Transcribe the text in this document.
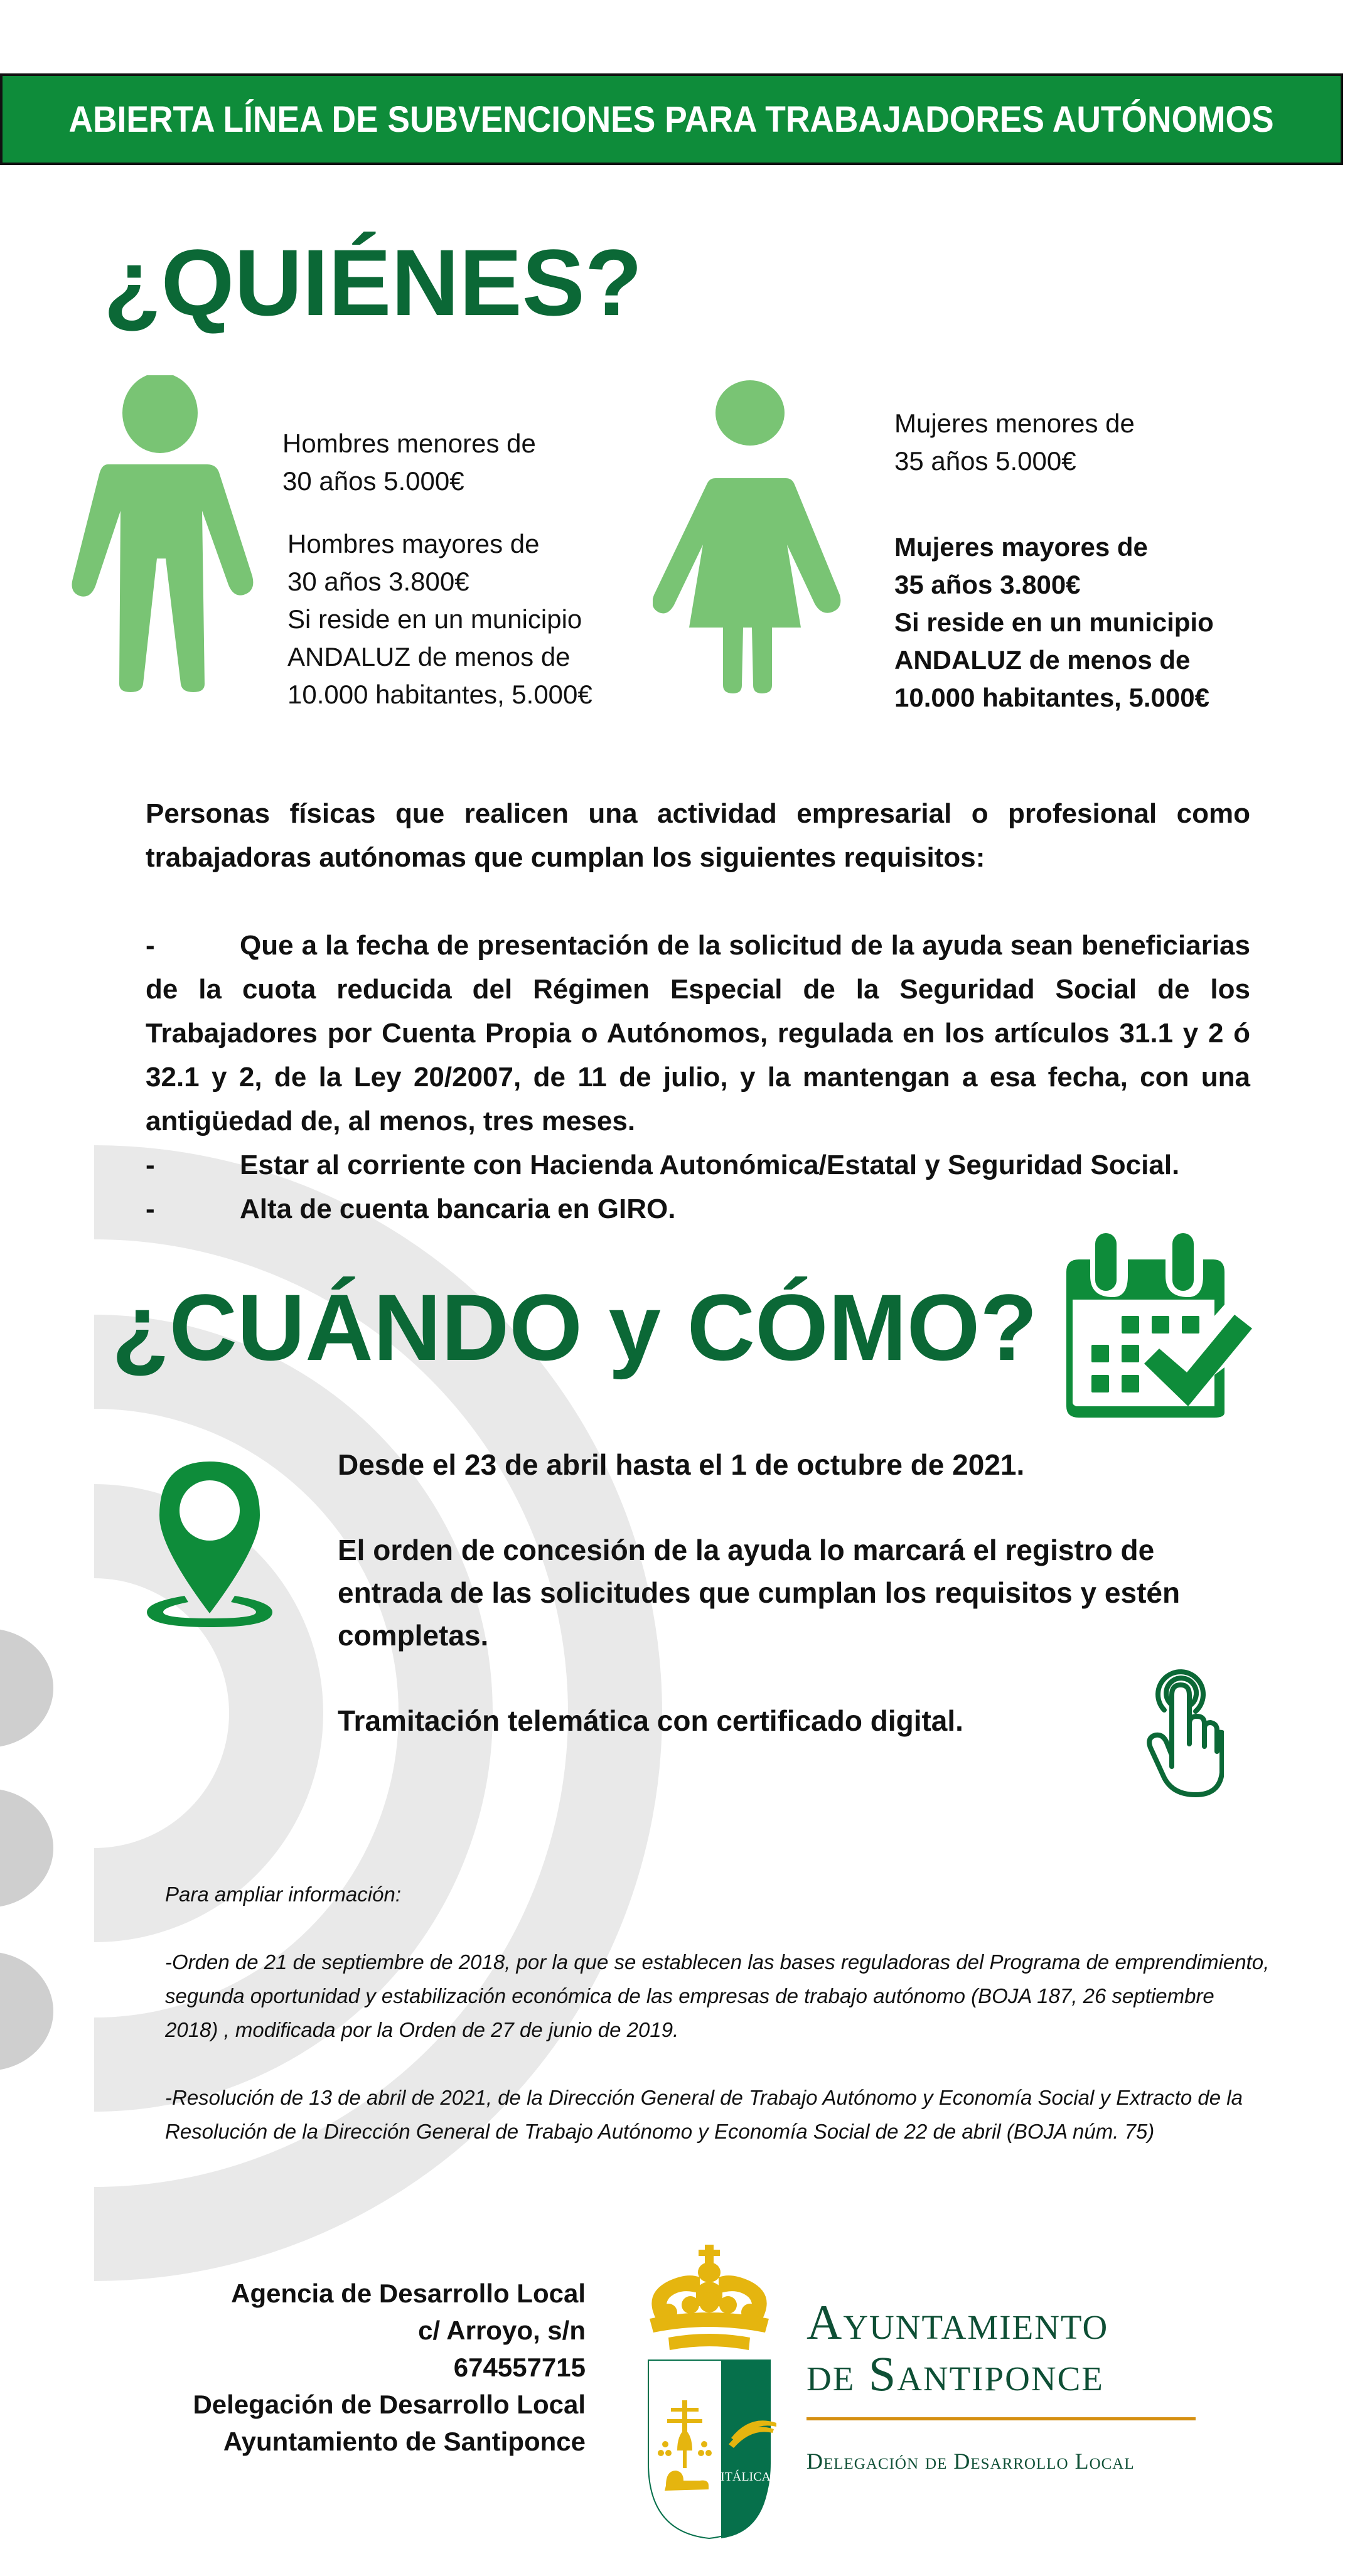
ABIERTA LÍNEA DE SUBVENCIONES PARA TRABAJADORES AUTÓNOMOS
¿QUIÉNES?
Hombres menores de
30 años 5.000€
Hombres mayores de
30 años 3.800€
Si reside en un municipio
ANDALUZ de menos de
10.000 habitantes, 5.000€
Mujeres menores de
35 años 5.000€
Mujeres mayores de
35 años 3.800€
Si reside en un municipio
ANDALUZ de menos de
10.000 habitantes, 5.000€

Personas físicas que realicen una actividad empresarial o profesional como trabajadoras autónomas que cumplan los siguientes requisitos:

-	Que a la fecha de presentación de la solicitud de la ayuda sean beneficiarias de la cuota reducida del Régimen Especial de la Seguridad Social de los Trabajadores por Cuenta Propia o Autónomos, regulada en los artículos 31.1 y 2 ó 32.1 y 2, de la Ley 20/2007, de 11 de julio, y la mantengan a esa fecha, con una antigüedad de, al menos, tres meses.
-	Estar al corriente con Hacienda Autonómica/Estatal y Seguridad Social.
-	Alta de cuenta bancaria en GIRO.
¿CUÁNDO y CÓMO?

Desde el 23 de abril hasta el 1 de octubre de 2021.

El orden de concesión de la ayuda lo marcará el registro de entrada de las solicitudes que cumplan los requisitos y estén completas.

Tramitación telemática con certificado digital.

Para ampliar información:

-Orden de 21 de septiembre de 2018, por la que se establecen las bases reguladoras del Programa de emprendimiento, segunda oportunidad y estabilización económica de las empresas de trabajo autónomo (BOJA 187, 26 septiembre 2018) , modificada por la Orden de 27 de junio de 2019.

-Resolución de 13 de abril de 2021, de la Dirección General de Trabajo Autónomo y Economía Social y Extracto de la Resolución de la Dirección General de Trabajo Autónomo y Economía Social de 22 de abril (BOJA núm. 75)

Agencia de Desarrollo Local
c/ Arroyo, s/n
674557715
Delegación de Desarrollo Local
Ayuntamiento de Santiponce
ITÁLICA
Ayuntamiento
de Santiponce
Delegación de Desarrollo Local
